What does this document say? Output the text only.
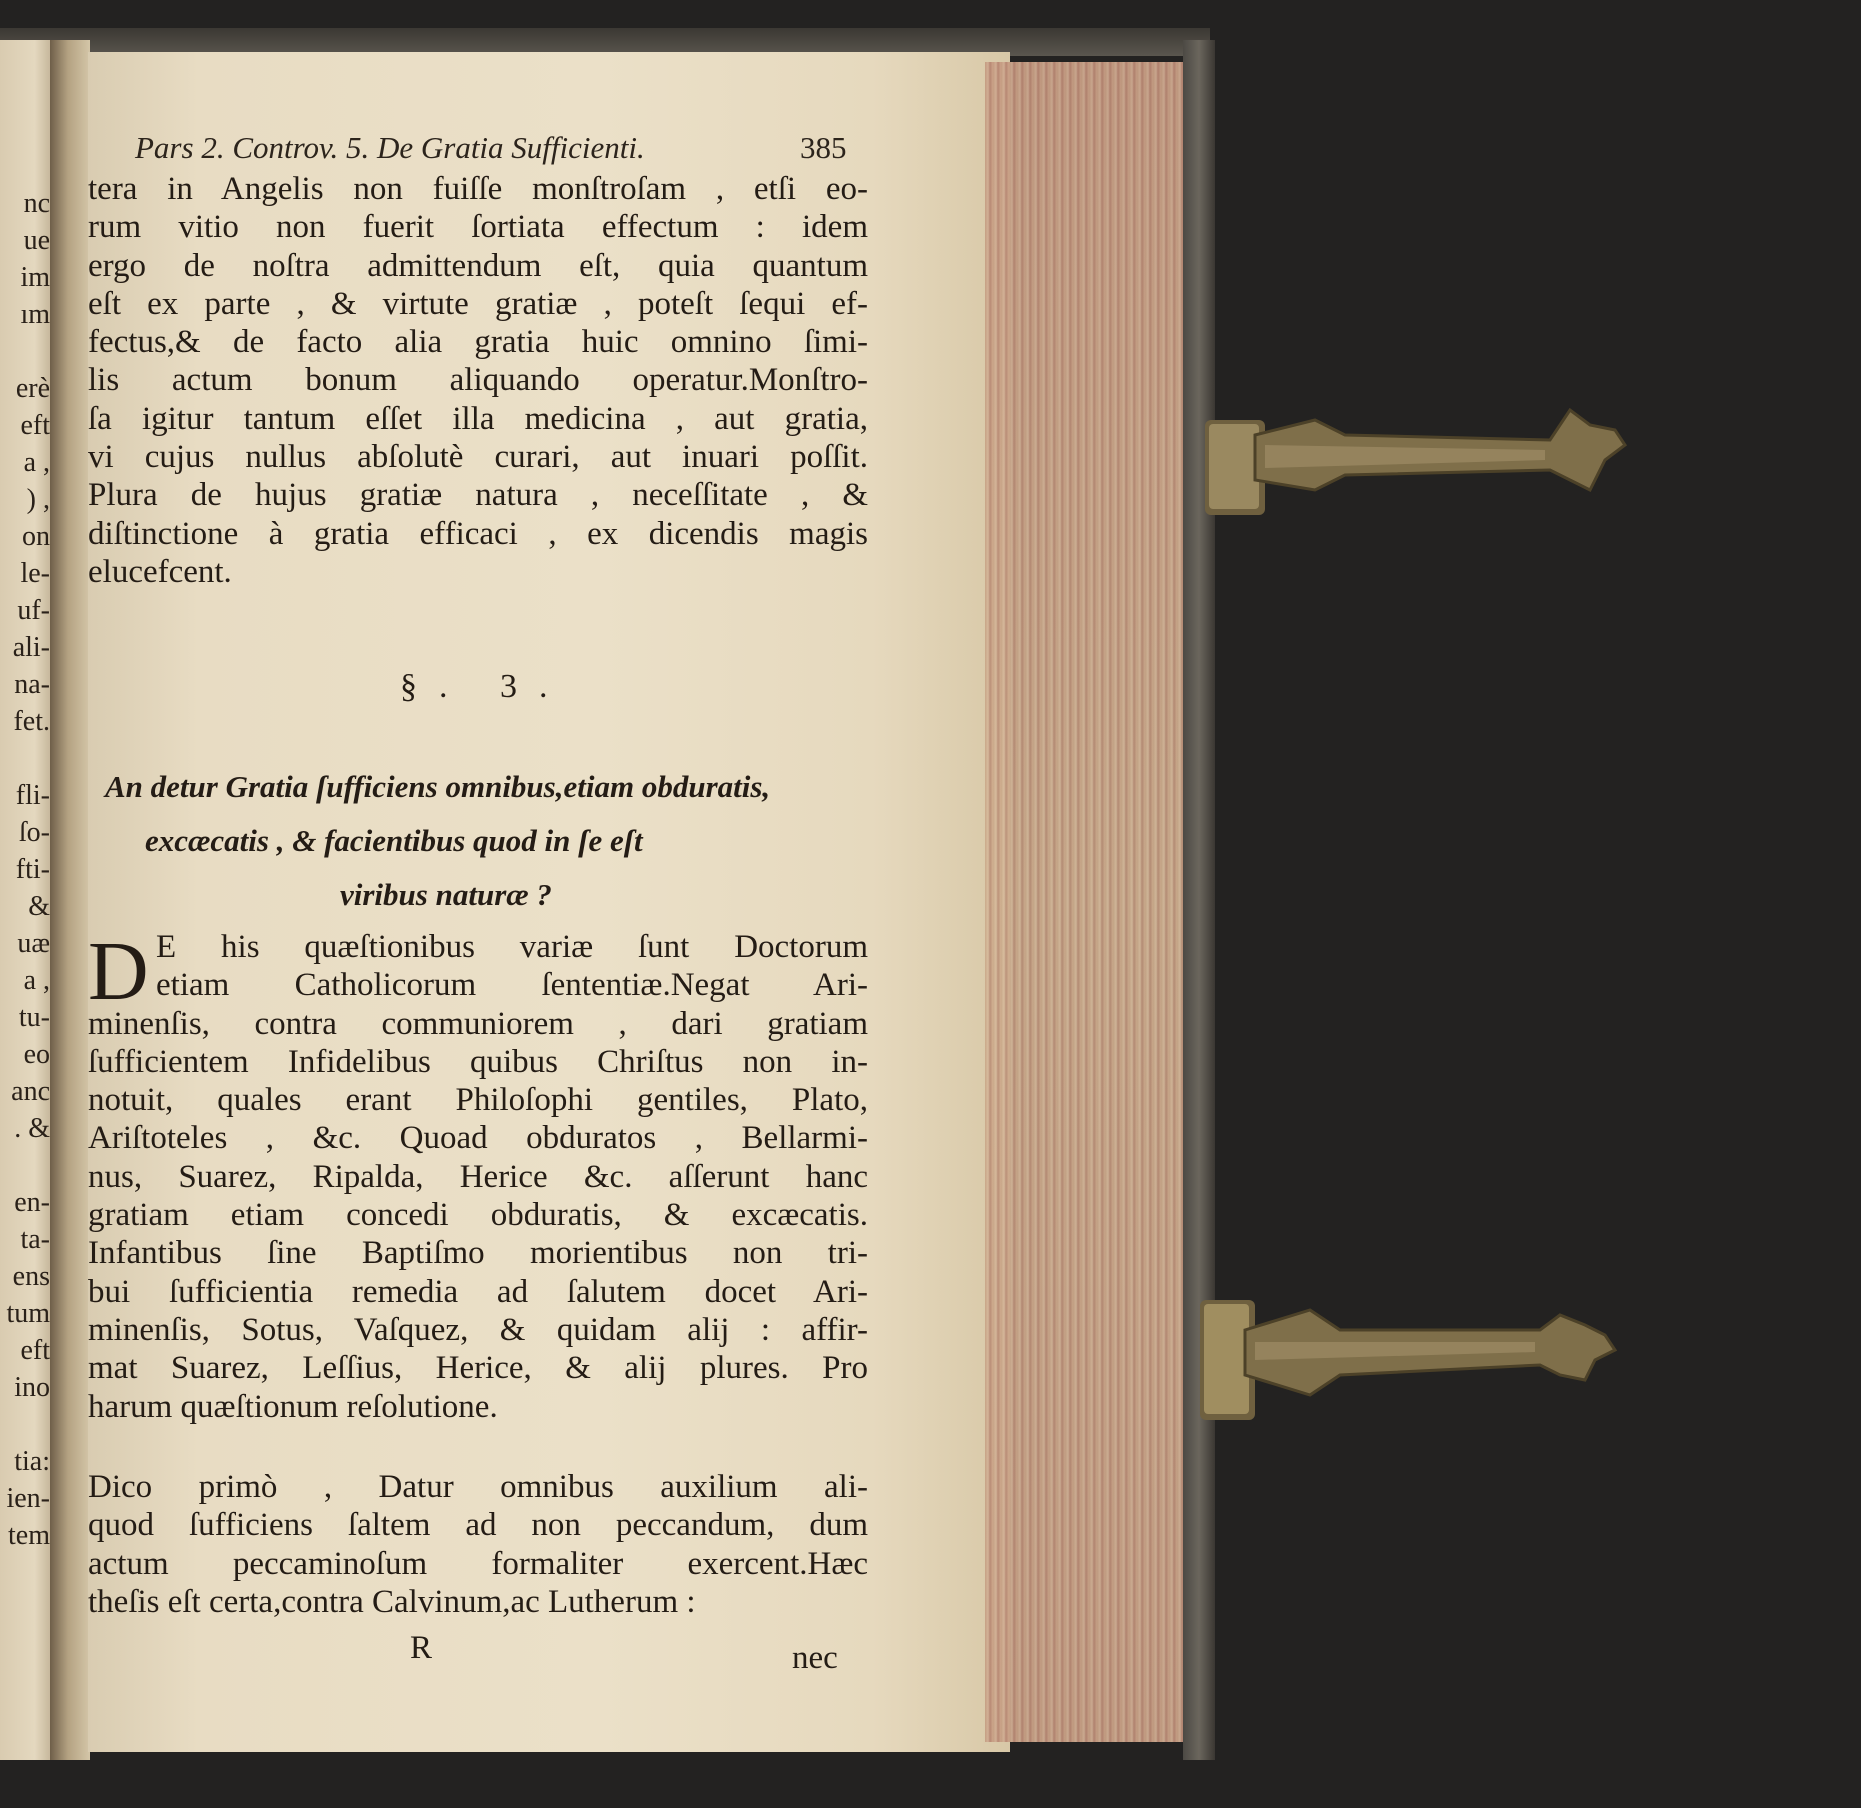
nc
ue
im
ım
erè
eft
a ,
) ,
on
le-
uf-
ali-
na-
fet.
fli-
ſo-
fti-
&
uæ
a ,
tu-
eo
anc
. &
en-
ta-
ens
tum
eft
ino
tia:
ien-
tem
Pars 2. Controv. 5. De Gratia Sufficienti.	385
tera in Angelis non fuiſſe monſtroſam , etſi eo-
rum vitio non fuerit ſortiata effectum : idem
ergo de noſtra admittendum eſt, quia quantum
eſt ex parte , & virtute gratiæ , poteſt ſequi ef-
fectus,& de facto alia gratia huic omnino ſimi-
lis actum bonum aliquando operatur.Monſtro-
ſa igitur tantum eſſet illa medicina , aut gratia,
vi cujus nullus abſolutè curari, aut inuari poſſit.
Plura de hujus gratiæ natura , neceſſitate , &
diſtinctione à gratia efficaci , ex dicendis magis
elucefcent.
§. 3.
An detur Gratia ſufficiens omnibus,etiam obduratis,
excæcatis , & facientibus quod in ſe eſt
viribus naturæ ?
D E his quæſtionibus variæ ſunt Doctorum
etiam Catholicorum ſententiæ.Negat Ari-
minenſis, contra communiorem , dari gratiam
ſufficientem Infidelibus quibus Chriſtus non in-
notuit, quales erant Philoſophi gentiles, Plato,
Ariſtoteles , &c. Quoad obduratos , Bellarmi-
nus, Suarez, Ripalda, Herice &c. aſſerunt hanc
gratiam etiam concedi obduratis, & excæcatis.
Infantibus ſine Baptiſmo morientibus non tri-
bui ſufficientia remedia ad ſalutem docet Ari-
minenſis, Sotus, Vaſquez, & quidam alij : affir-
mat Suarez, Leſſius, Herice, & alij plures. Pro
harum quæſtionum reſolutione.
Dico primò , Datur omnibus auxilium ali-
quod ſufficiens ſaltem ad non peccandum, dum
actum peccaminoſum formaliter exercent.Hæc
theſis eſt certa,contra Calvinum,ac Lutherum :
R	nec
